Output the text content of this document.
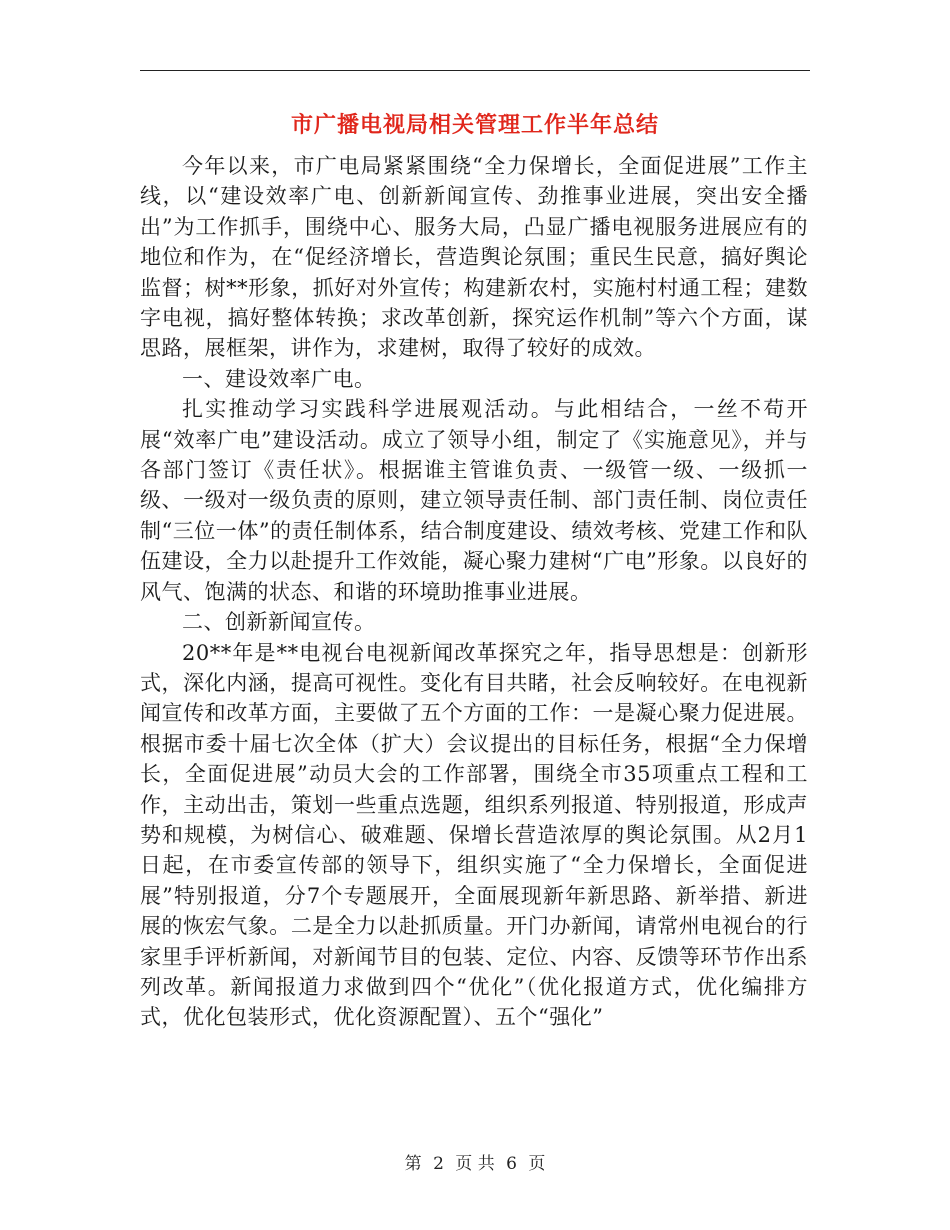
市广播电视局相关管理工作半年总结

今年以来，市广电局紧紧围绕“全力保增长，全面促进展”工作主线，以“建设效率广电、创新新闻宣传、劲推事业进展，突出安全播出”为工作抓手，围绕中心、服务大局，凸显广播电视服务进展应有的地位和作为，在“促经济增长，营造舆论氛围；重民生民意，搞好舆论监督；树**形象，抓好对外宣传；构建新农村，实施村村通工程；建数字电视，搞好整体转换；求改革创新，探究运作机制”等六个方面，谋思路，展框架，讲作为，求建树，取得了较好的成效。

一、建设效率广电。

扎实推动学习实践科学进展观活动。与此相结合，一丝不苟开展“效率广电”建设活动。成立了领导小组，制定了《实施意见》，并与各部门签订《责任状》。根据谁主管谁负责、一级管一级、一级抓一级、一级对一级负责的原则，建立领导责任制、部门责任制、岗位责任制“三位一体”的责任制体系，结合制度建设、绩效考核、党建工作和队伍建设，全力以赴提升工作效能，凝心聚力建树“广电”形象。以良好的风气、饱满的状态、和谐的环境助推事业进展。

二、创新新闻宣传。

20**年是**电视台电视新闻改革探究之年，指导思想是：创新形式，深化内涵，提高可视性。变化有目共睹，社会反响较好。在电视新闻宣传和改革方面，主要做了五个方面的工作：一是凝心聚力促进展。根据市委十届七次全体（扩大）会议提出的目标任务，根据“全力保增长，全面促进展”动员大会的工作部署，围绕全市35项重点工程和工作，主动出击，策划一些重点选题，组织系列报道、特别报道，形成声势和规模，为树信心、破难题、保增长营造浓厚的舆论氛围。从2月1日起，在市委宣传部的领导下，组织实施了“全力保增长，全面促进展”特别报道，分7个专题展开，全面展现新年新思路、新举措、新进展的恢宏气象。二是全力以赴抓质量。开门办新闻，请常州电视台的行家里手评析新闻，对新闻节目的包装、定位、内容、反馈等环节作出系列改革。新闻报道力求做到四个“优化”（优化报道方式，优化编排方式，优化包装形式，优化资源配置）、五个“强化”

第 2 页 共 6 页
